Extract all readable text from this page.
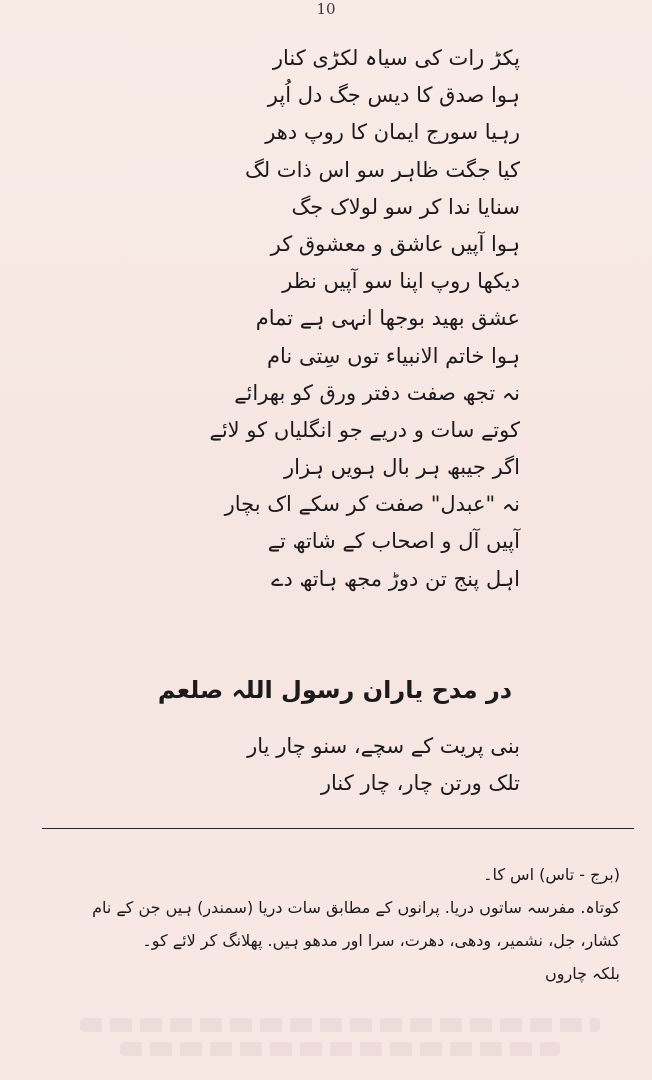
10
پکڑ رات کی سیاہ لکڑی کنار
ہوا صدق کا دیس جگ دل اُپر
رہیا سورج ایمان کا روپ دھر
کیا جگت ظاہر سو اس ذات لگ
سنایا ندا کر سو لولاک جگ
ہوا آپیں عاشق و معشوق کر
دیکھا روپ اپنا سو آپیں نظر
عشق بھید بوجھا انہی ہے تمام
ہوا خاتم الانبیاء توں سِتی نام
نہ تجھ صفت دفتر ورق کو بھرائے
کوتے سات و دریے جو انگلیاں کو لائے
اگر جیبھ ہر بال ہویں ہزار
نہ "عبدل" صفت کر سکے اک بچار
آپیں آل و اصحاب کے شاتھ تے
اہل پنج تن دوڑ مجھ ہاتھ دے
در مدح یاران رسول اللہ صلعم
بنی پریت کے سچے، سنو چار یار
تلک ورتن چار، چار کنار
(برج - تاس) اس کا۔
کوتاہ. مفرسہ ساتوں دریا. پرانوں کے مطابق سات دریا (سمندر) ہیں جن کے نام
کشار، جل، نشمیر، ودھی، دھرت، سرا اور مدھو ہیں. پھلانگ کر لائے کو۔
بلکہ چاروں
